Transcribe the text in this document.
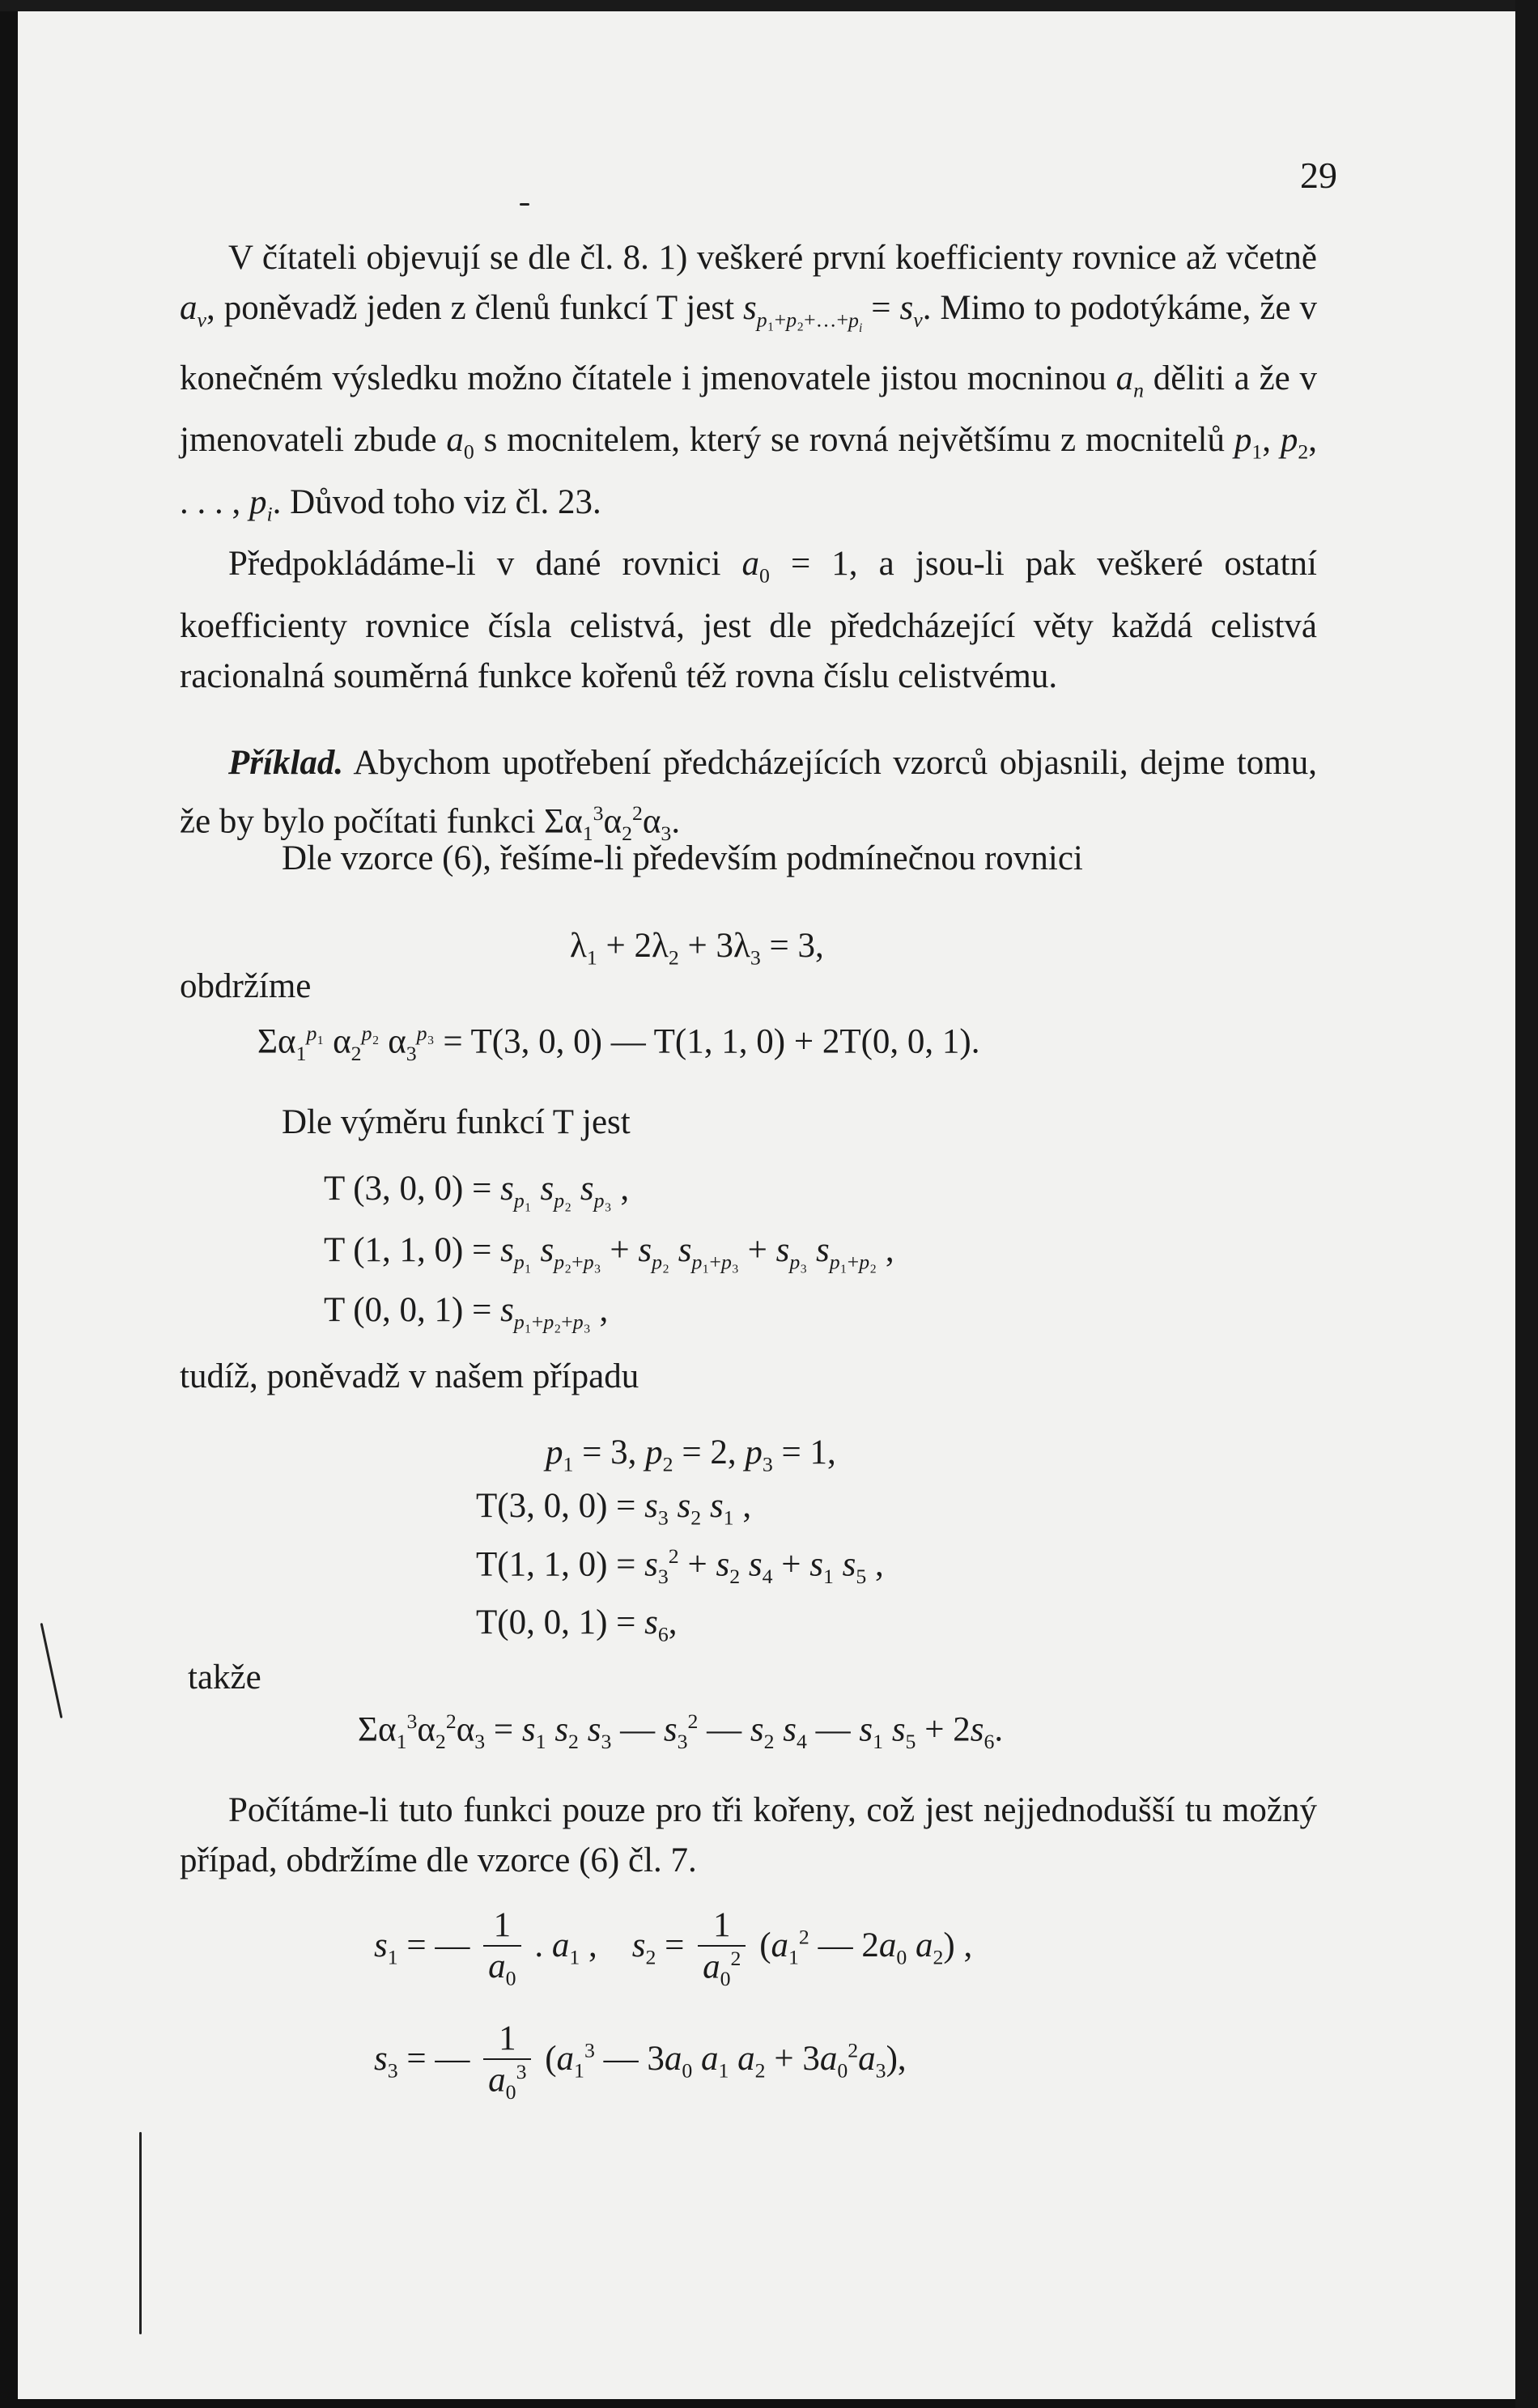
29

V čítateli objevují se dle čl. 8. 1) veškeré první koefficienty rovnice až včetně $a_v$, poněvadž jeden z členů funkcí T jest $s_{p_1+p_2+\dots+p_i} = s_v$. Mimo to podotýkáme, že v konečném výsledku možno čítatele i jmenovatele jistou mocninou $a_n$ děliti a že v jmenovateli zbude $a_0$ s mocnitelem, který se rovná největšímu z mocnitelů $p_1$, $p_2$, . . . , $p_i$. Důvod toho viz čl. 23.

Předpokládáme-li v dané rovnici $a_0 = 1$, a jsou-li pak veškeré ostatní koefficienty rovnice čísla celistvá, jest dle předcházející věty každá celistvá racionalná souměrná funkce kořenů též rovna číslu celistvému.

Příklad. Abychom upotřebení předcházejících vzorců objasnili, dejme tomu, že by bylo počítati funkci $\Sigma\alpha_1^3\alpha_2^2\alpha_3$.

Dle vzorce (6), řešíme-li především podmínečnou rovnici
$\lambda_1 + 2\lambda_2 + 3\lambda_3 = 3$,
obdržíme
$\Sigma\alpha_1^{p_1}$ $\alpha_2^{p_2}$ $\alpha_3^{p_3} = T(3$, 0, 0) — T(1, 1, 0) + 2T(0, 0, 1).
Dle výměru funkcí T jest
T (3, 0, $0) = s_{p_1}$ $s_{p_2}$ $s_{p_3}$ ,
T (1, 1, $0) = s_{p_1}$ $s_{p_2+p_3} + s_{p_2}$ $s_{p_1+p_3} + s_{p_3}$ $s_{p_1+p_2}$ ,
T (0, 0, $1) = s_{p_1+p_2+p_3}$ ,
tudíž, poněvadž v našem případu
$p_1 = 3$, $p_2 = 2$, $p_3 = 1$,
T(3, 0, $0) = s_3$ $s_2$ $s_1$ ,
T(1, 1, $0) = s_3^2 + s_2$ $s_4 + s_1$ $s_5$ ,
T(0, 0, $1) = s_6$,
takže
$\Sigma\alpha_1^3\alpha_2^2\alpha_3 = s_1$ $s_2$ $s_3$ — $s_3^2$ — $s_2$ $s_4$ — $s_1$ $s_5 + 2s_6$.

Počítáme-li tuto funkci pouze pro tři kořeny, což jest nejjednodušší tu možný případ, obdržíme dle vzorce (6) čl. 7.

$s_1$ = — $\frac{1}{a_0}$ . $a_1$ ,    $s_2 = \frac{1}{a_0^2} (a_1^2$ — $2a_0$ $a_2$) ,
$s_3$ = — $\frac{1}{a_0^3} (a_1^3$ — $3a_0$ $a_1$ $a_2 + 3a_0^2a_3$),
